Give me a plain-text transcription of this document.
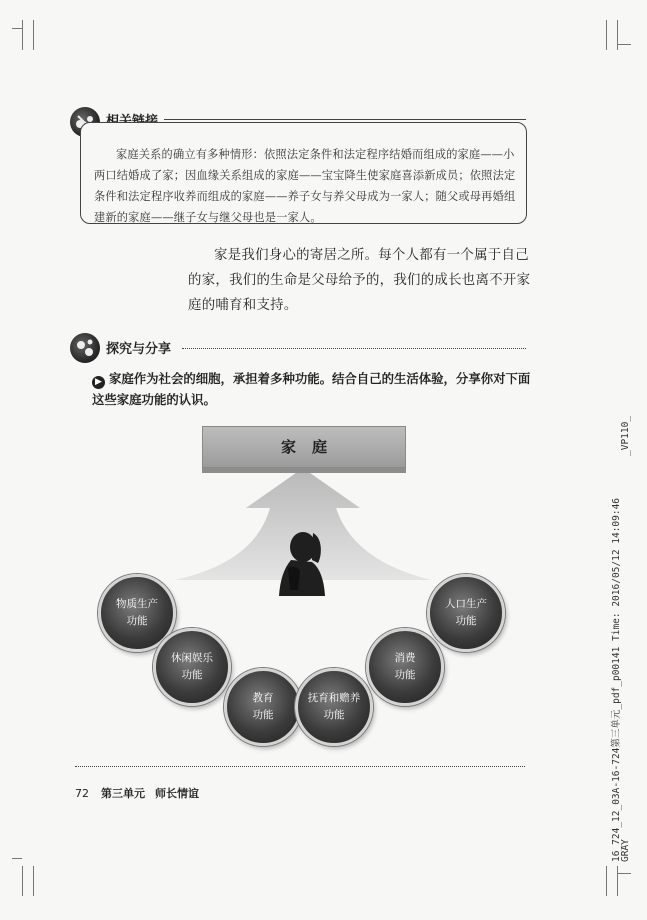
家庭关系的确立有多种情形：依照法定条件和法定程序结婚而组成的家庭——小两口结婚成了家；因血缘关系组成的家庭——宝宝降生使家庭喜添新成员；依照法定条件和法定程序收养而组成的家庭——养子女与养父母成为一家人；随父或母再婚组建新的家庭——继子女与继父母也是一家人。
家是我们身心的寄居之所。每个人都有一个属于自己的家，我们的生命是父母给予的，我们的成长也离不开家庭的哺育和支持。
探究与分享
▶ 家庭作为社会的细胞，承担着多种功能。结合自己的生活体验，分享你对下面这些家庭功能的认识。
家庭
物质生产
功能
休闲娱乐
功能
教育
功能
抚育和赡养
功能
消费
功能
人口生产
功能
72 第三单元 师长情谊
_VP110_
16_724_12_03A-16-724第三单元_pdf_p00141 Time: 2016/05/12 14:09:46
GRAY
